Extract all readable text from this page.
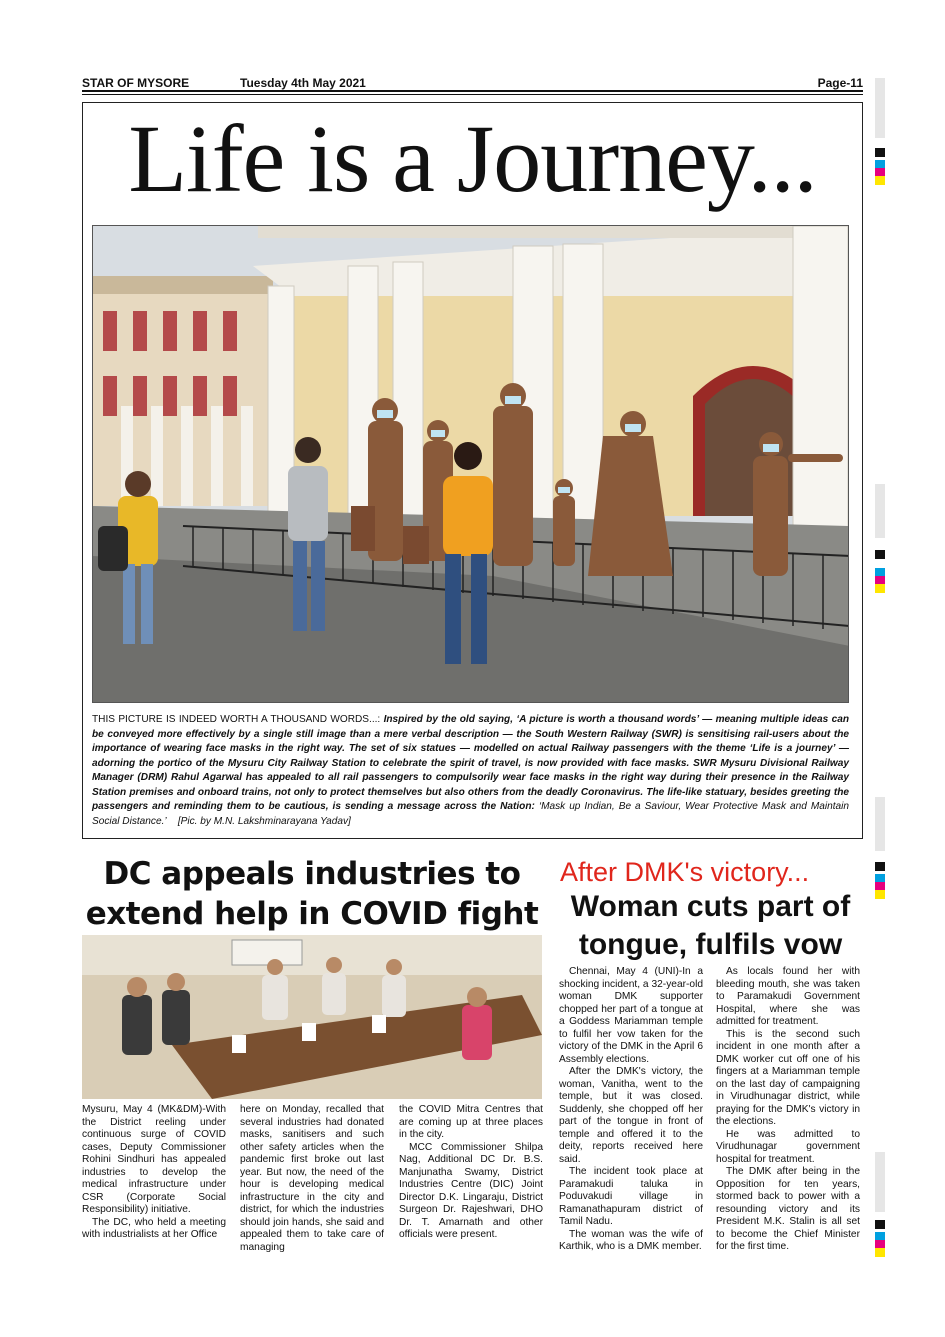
STAR OF MYSORE	Tuesday 4th May 2021	Page-11
Life is a Journey...
THIS PICTURE IS INDEED WORTH A THOUSAND WORDS...: Inspired by the old saying, ‘A picture is worth a thousand words’ — meaning multiple ideas can be conveyed more effectively by a single still image than a mere verbal description — the South Western Railway (SWR) is sensitising rail-users about the importance of wearing face masks in the right way. The set of six statues — modelled on actual Railway passengers with the theme ‘Life is a journey’ — adorning the portico of the Mysuru City Railway Station to celebrate the spirit of travel, is now provided with face masks. SWR Mysuru Divisional Railway Manager (DRM) Rahul Agarwal has appealed to all rail passengers to compulsorily wear face masks in the right way during their presence in the Railway Station premises and onboard trains, not only to protect themselves but also others from the deadly Coronavirus. The life-like statuary, besides greeting the passengers and reminding them to be cautious, is sending a message across the Nation: ‘Mask up Indian, Be a Saviour, Wear Protective Mask and Maintain Social Distance.’ [Pic. by M.N. Lakshminarayana Yadav]
DC appeals industries to
extend help in COVID fight

Mysuru, May 4 (MK&DM)-With the District reeling under continuous surge of COVID cases, Deputy Commissioner Rohini Sindhuri has appealed industries to develop the medical infrastructure under CSR (Corporate Social Responsibility) initiative.

The DC, who held a meeting with industrialists at her Office

here on Monday, recalled that several industries had donated masks, sanitisers and such other safety articles when the pandemic first broke out last year. But now, the need of the hour is developing medical infrastructure in the city and district, for which the industries should join hands, she said and appealed them to take care of managing

the COVID Mitra Centres that are coming up at three places in the city.

MCC Commissioner Shilpa Nag, Additional DC Dr. B.S. Manjunatha Swamy, District Industries Centre (DIC) Joint Director D.K. Lingaraju, District Surgeon Dr. Rajeshwari, DHO Dr. T. Amarnath and other officials were present.

After DMK's victory...
Woman cuts part of
tongue, fulfils vow

Chennai, May 4 (UNI)-In a shocking incident, a 32-year-old woman DMK supporter chopped her part of a tongue at a Goddess Mariamman temple to fulfil her vow taken for the victory of the DMK in the April 6 Assembly elections.

After the DMK's victory, the woman, Vanitha, went to the temple, but it was closed. Suddenly, she chopped off her part of the tongue in front of temple and offered it to the deity, reports received here said.

The incident took place at Paramakudi taluka in Poduvakudi village in Ramanathapuram district of Tamil Nadu.

The woman was the wife of Karthik, who is a DMK member.

As locals found her with bleeding mouth, she was taken to Paramakudi Government Hospital, where she was admitted for treatment.

This is the second such incident in one month after a DMK worker cut off one of his fingers at a Mariamman temple on the last day of campaigning in Virudhunagar district, while praying for the DMK's victory in the elections.

He was admitted to Virudhunagar government hospital for treatment.

The DMK after being in the Opposition for ten years, stormed back to power with a resounding victory and its President M.K. Stalin is all set to become the Chief Minister for the first time.
